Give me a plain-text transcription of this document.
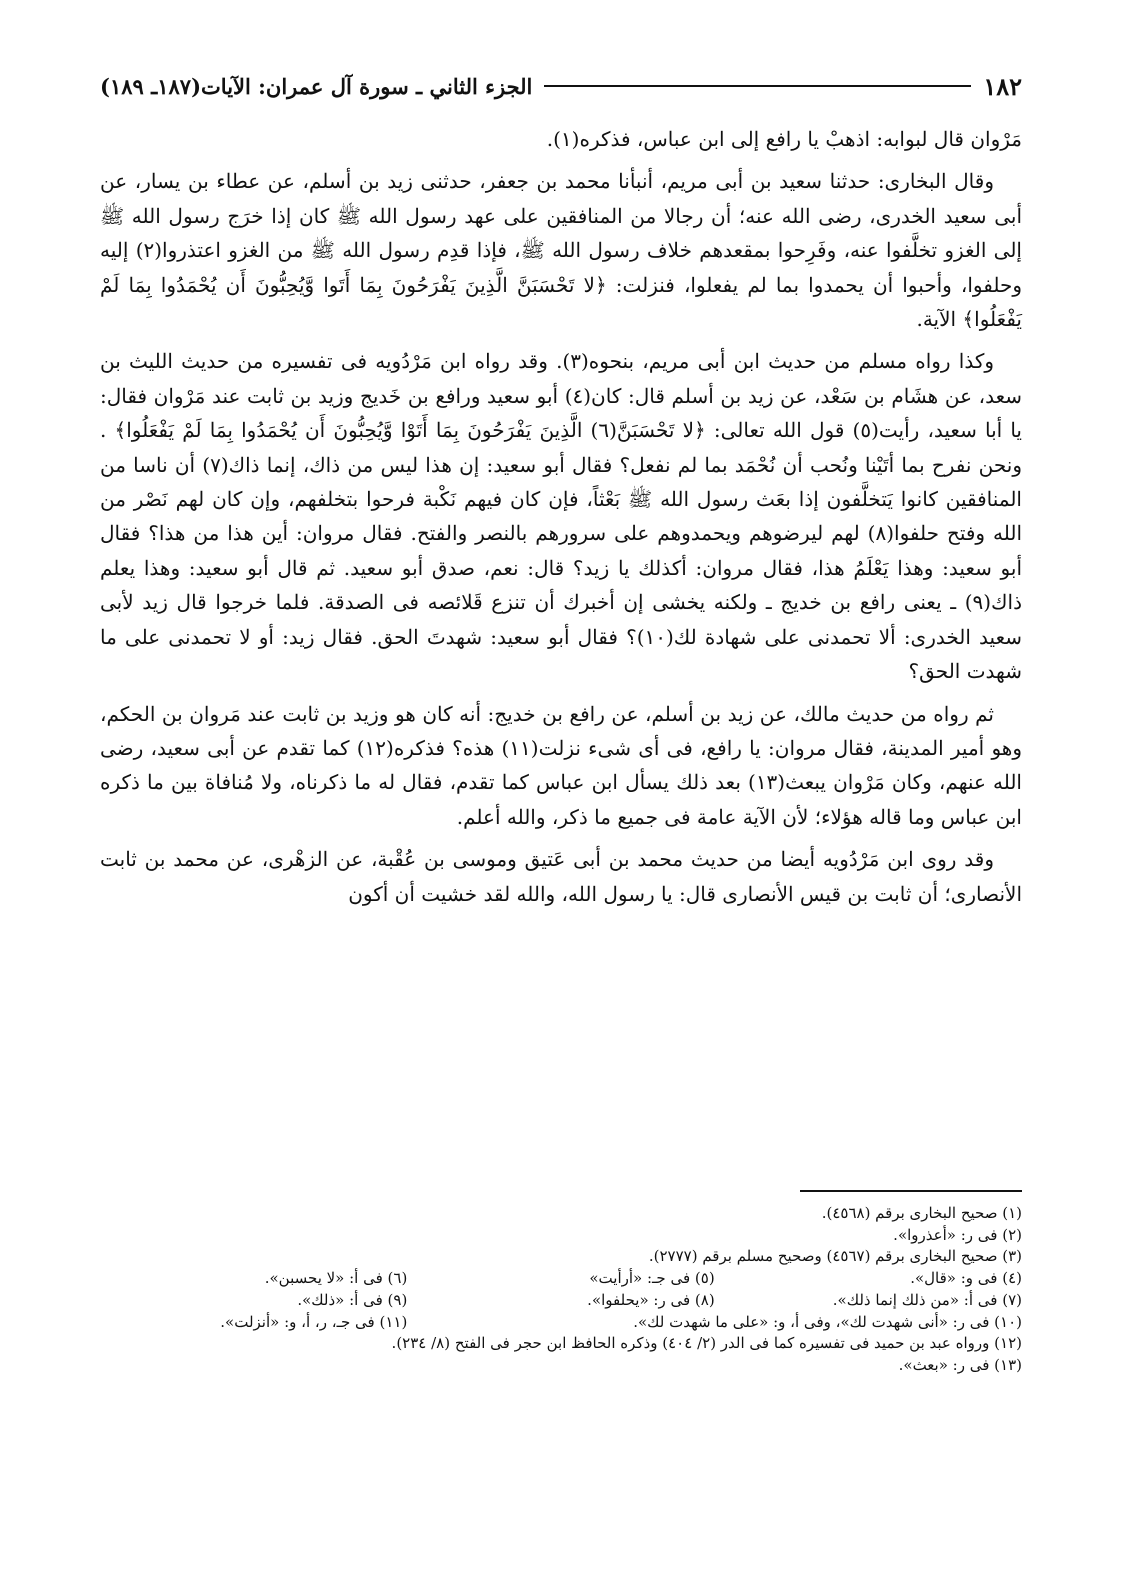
١٨٢
الجزء الثاني ـ سورة آل عمران: الآيات(١٨٧ـ ١٨٩)

مَرْوان قال لبوابه: اذهبْ يا رافع إلى ابن عباس، فذكره(١).

وقال البخارى: حدثنا سعيد بن أبى مريم، أنبأنا محمد بن جعفر، حدثنى زيد بن أسلم، عن عطاء بن يسار، عن أبى سعيد الخدرى، رضى الله عنه؛ أن رجالا من المنافقين على عهد رسول الله ﷺ كان إذا خرَج رسول الله ﷺ إلى الغزو تخلَّفوا عنه، وفَرِحوا بمقعدهم خلاف رسول الله ﷺ، فإذا قدِم رسول الله ﷺ من الغزو اعتذروا(٢) إليه وحلفوا، وأحبوا أن يحمدوا بما لم يفعلوا، فنزلت: ﴿لا تَحْسَبَنَّ الَّذِينَ يَفْرَحُونَ بِمَا أَتَوا وَّيُحِبُّونَ أَن يُحْمَدُوا بِمَا لَمْ يَفْعَلُوا﴾ الآية.

وكذا رواه مسلم من حديث ابن أبى مريم، بنحوه(٣). وقد رواه ابن مَرْدُويه فى تفسيره من حديث الليث بن سعد، عن هشَام بن سَعْد، عن زيد بن أسلم قال: كان(٤) أبو سعيد ورافع بن خَديج وزيد بن ثابت عند مَرْوان فقال: يا أبا سعيد، رأيت(٥) قول الله تعالى: ﴿لا تَحْسَبَنَّ(٦) الَّذِينَ يَفْرَحُونَ بِمَا أَتَوْا وَّيُحِبُّونَ أَن يُحْمَدُوا بِمَا لَمْ يَفْعَلُوا﴾ . ونحن نفرح بما أتَيْنا ونُحب أن نُحْمَد بما لم نفعل؟ فقال أبو سعيد: إن هذا ليس من ذاك، إنما ذاك(٧) أن ناسا من المنافقين كانوا يَتخلَّفون إذا بعَث رسول الله ﷺ بَعْثاً، فإن كان فيهم نَكْبة فرحوا بتخلفهم، وإن كان لهم نَصْر من الله وفتح حلفوا(٨) لهم ليرضوهم ويحمدوهم على سرورهم بالنصر والفتح. فقال مروان: أين هذا من هذا؟ فقال أبو سعيد: وهذا يَعْلَمُ هذا، فقال مروان: أكذلك يا زيد؟ قال: نعم، صدق أبو سعيد. ثم قال أبو سعيد: وهذا يعلم ذاك(٩) ـ يعنى رافع بن خديج ـ ولكنه يخشى إن أخبرك أن تنزع قَلائصه فى الصدقة. فلما خرجوا قال زيد لأبى سعيد الخدرى: ألا تحمدنى على شهادة لك(١٠)؟ فقال أبو سعيد: شهدتَ الحق. فقال زيد: أو لا تحمدنى على ما شهدت الحق؟

ثم رواه من حديث مالك، عن زيد بن أسلم، عن رافع بن خديج: أنه كان هو وزيد بن ثابت عند مَروان بن الحكم، وهو أمير المدينة، فقال مروان: يا رافع، فى أى شىء نزلت(١١) هذه؟ فذكره(١٢) كما تقدم عن أبى سعيد، رضى الله عنهم، وكان مَرْوان يبعث(١٣) بعد ذلك يسأل ابن عباس كما تقدم، فقال له ما ذكرناه، ولا مُنافاة بين ما ذكره ابن عباس وما قاله هؤلاء؛ لأن الآية عامة فى جميع ما ذكر، والله أعلم.

وقد روى ابن مَرْدُويه أيضا من حديث محمد بن أبى عَتيق وموسى بن عُقْبة، عن الزهْرى، عن محمد بن ثابت الأنصارى؛ أن ثابت بن قيس الأنصارى قال: يا رسول الله، والله لقد خشيت أن أكون

(١) صحيح البخارى برقم (٤٥٦٨).
(٢) فى ر: «أعذروا».
(٣) صحيح البخارى برقم (٤٥٦٧) وصحيح مسلم برقم (٢٧٧٧).
(٤) فى و: «قال».
(٥) فى جـ: «أرأيت»
(٦) فى أ: «لا يحسبن».
(٧) فى أ: «من ذلك إنما ذلك».
(٨) فى ر: «يحلفوا».
(٩) فى أ: «ذلك».
(١٠) فى ر: «أنى شهدت لك»، وفى أ، و: «على ما شهدت لك».
(١١) فى جـ، ر، أ، و: «أنزلت».
(١٢) ورواه عبد بن حميد فى تفسيره كما فى الدر (٢/ ٤٠٤) وذكره الحافظ ابن حجر فى الفتح (٨/ ٢٣٤).
(١٣) فى ر: «بعث».
